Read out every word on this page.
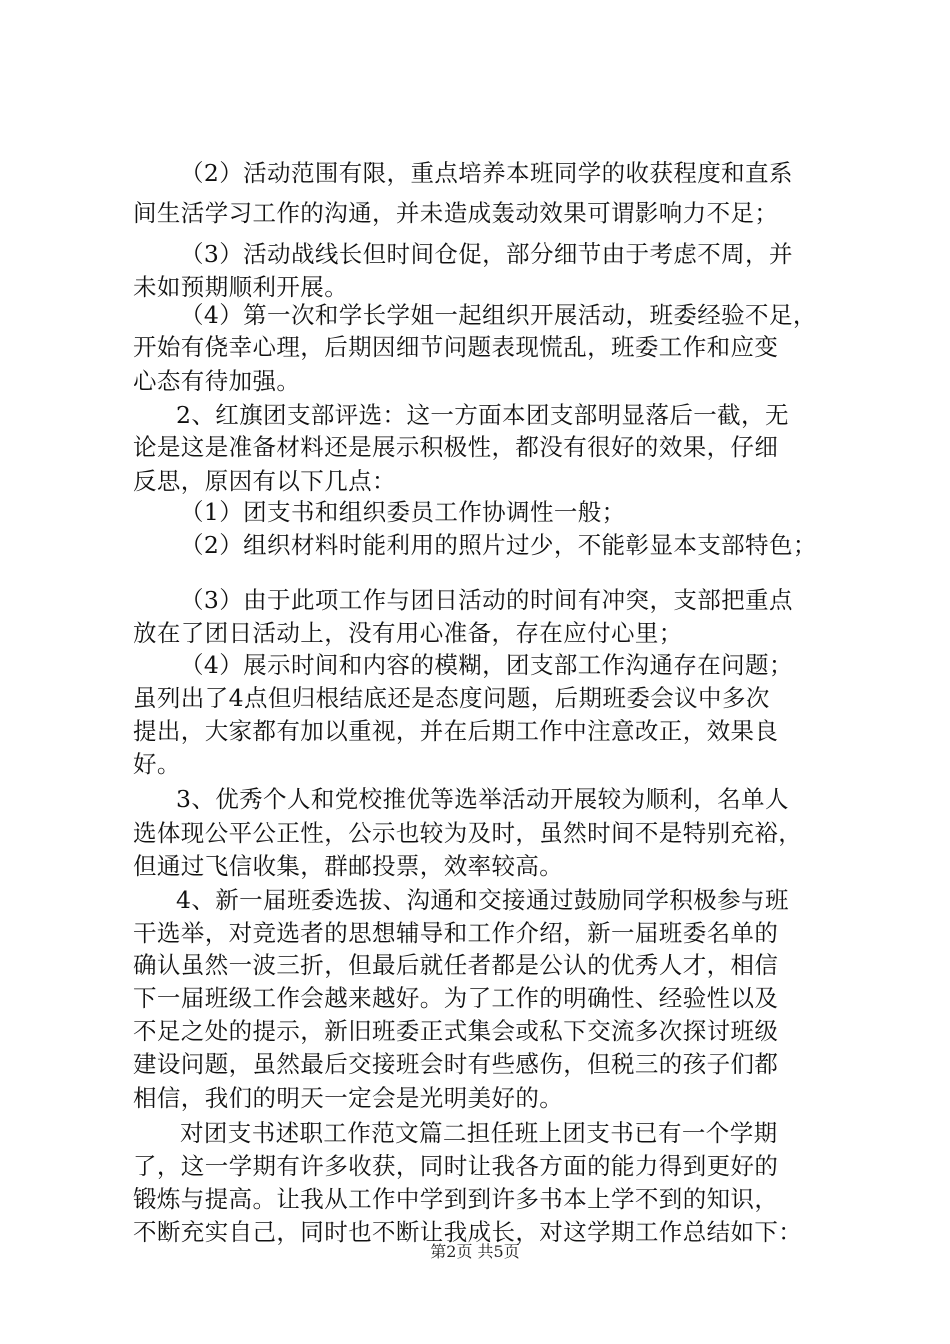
（2）活动范围有限，重点培养本班同学的收获程度和直系
间生活学习工作的沟通，并未造成轰动效果可谓影响力不足；
（3）活动战线长但时间仓促，部分细节由于考虑不周，并
未如预期顺利开展。
（4）第一次和学长学姐一起组织开展活动，班委经验不足，
开始有侥幸心理，后期因细节问题表现慌乱，班委工作和应变
心态有待加强。
2、红旗团支部评选：这一方面本团支部明显落后一截，无
论是这是准备材料还是展示积极性，都没有很好的效果，仔细
反思，原因有以下几点：
（1）团支书和组织委员工作协调性一般；
（2）组织材料时能利用的照片过少，不能彰显本支部特色；
（3）由于此项工作与团日活动的时间有冲突，支部把重点
放在了团日活动上，没有用心准备，存在应付心里；
（4）展示时间和内容的模糊，团支部工作沟通存在问题；
虽列出了4点但归根结底还是态度问题，后期班委会议中多次
提出，大家都有加以重视，并在后期工作中注意改正，效果良
好。
3、优秀个人和党校推优等选举活动开展较为顺利，名单人
选体现公平公正性，公示也较为及时，虽然时间不是特别充裕，
但通过飞信收集，群邮投票，效率较高。
4、新一届班委选拔、沟通和交接通过鼓励同学积极参与班
干选举，对竞选者的思想辅导和工作介绍，新一届班委名单的
确认虽然一波三折，但最后就任者都是公认的优秀人才，相信
下一届班级工作会越来越好。为了工作的明确性、经验性以及
不足之处的提示，新旧班委正式集会或私下交流多次探讨班级
建设问题，虽然最后交接班会时有些感伤，但税三的孩子们都
相信，我们的明天一定会是光明美好的。
对团支书述职工作范文篇二担任班上团支书已有一个学期
了，这一学期有许多收获，同时让我各方面的能力得到更好的
锻炼与提高。让我从工作中学到到许多书本上学不到的知识，
不断充实自己，同时也不断让我成长，对这学期工作总结如下：
第2页 共5页
